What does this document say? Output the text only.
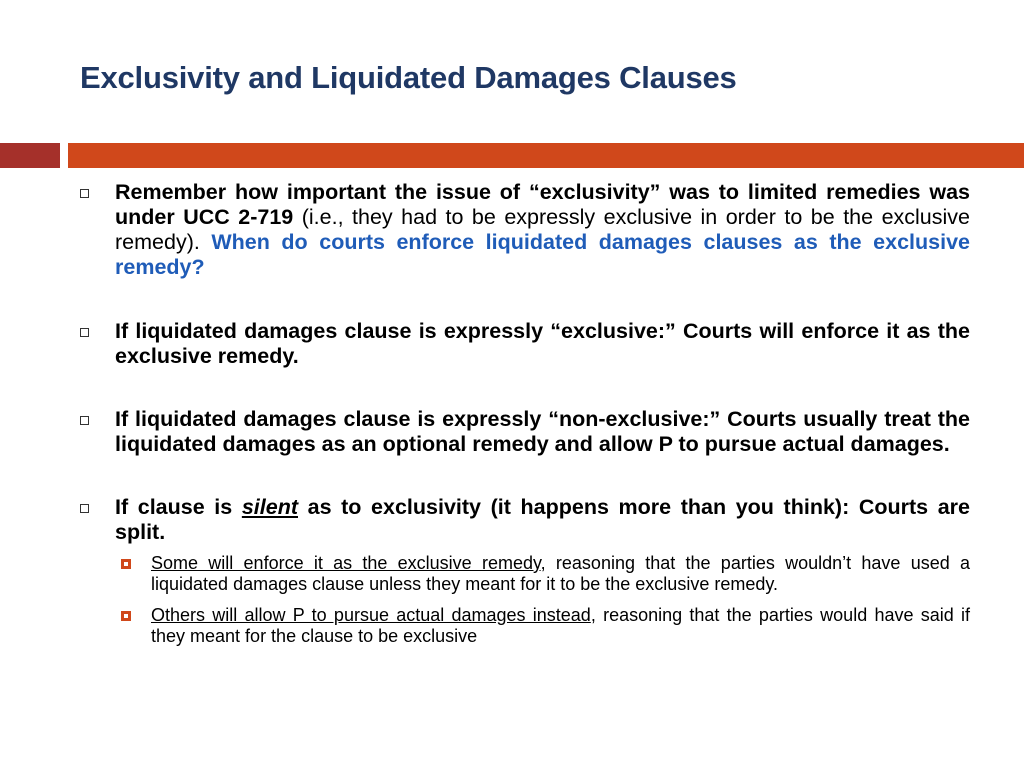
Exclusivity and Liquidated Damages Clauses

Remember how important the issue of “exclusivity” was to limited remedies was under UCC 2-719 (i.e., they had to be expressly exclusive in order to be the exclusive remedy). When do courts enforce liquidated damages clauses as the exclusive remedy?

If liquidated damages clause is expressly “exclusive:” Courts will enforce it as the exclusive remedy.

If liquidated damages clause is expressly “non-exclusive:” Courts usually treat the liquidated damages as an optional remedy and allow P to pursue actual damages.

If clause is silent as to exclusivity (it happens more than you think): Courts are split.

Some will enforce it as the exclusive remedy, reasoning that the parties wouldn’t have used a liquidated damages clause unless they meant for it to be the exclusive remedy.

Others will allow P to pursue actual damages instead, reasoning that the parties would have said if they meant for the clause to be exclusive
